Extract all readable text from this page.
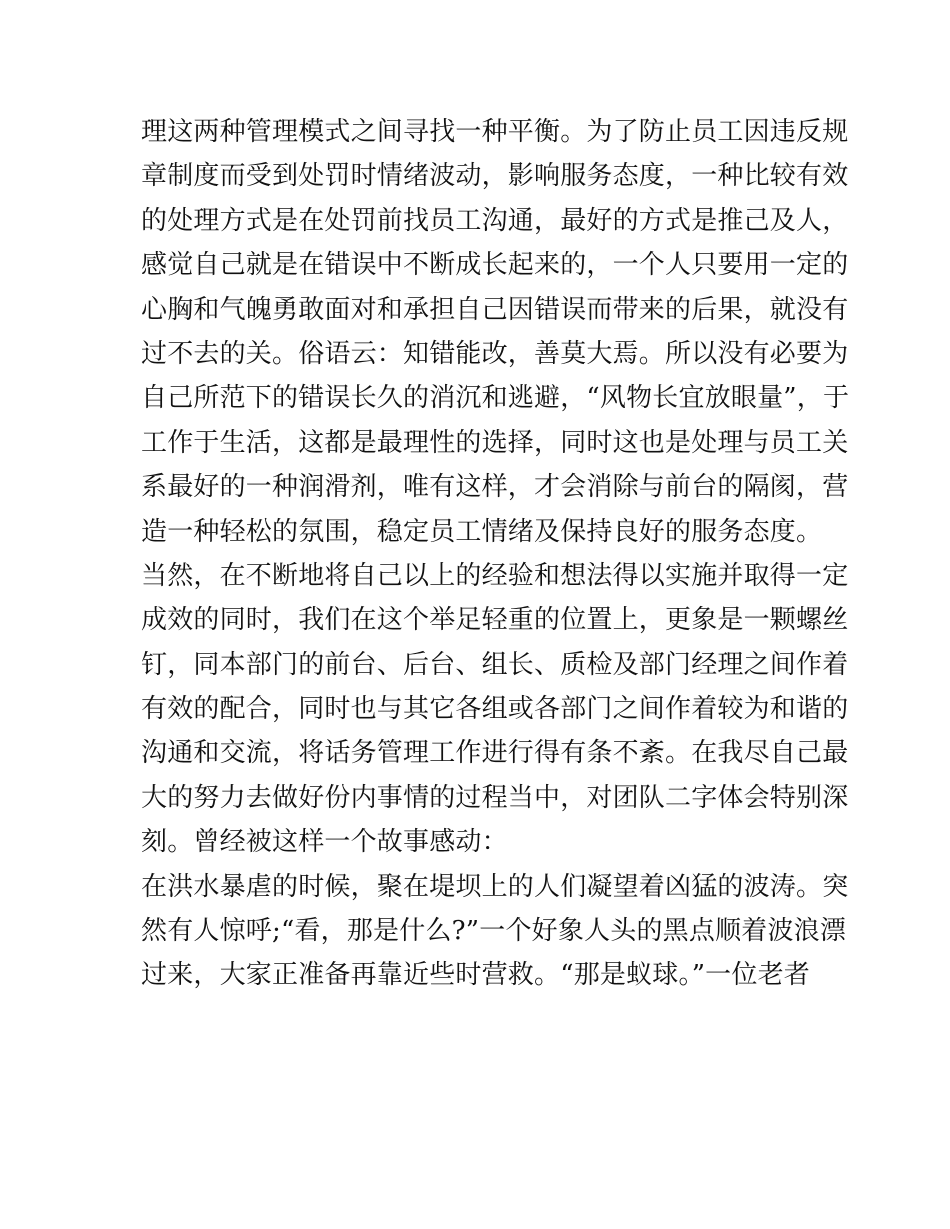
理这两种管理模式之间寻找一种平衡。为了防止员工因违反规
章制度而受到处罚时情绪波动，影响服务态度，一种比较有效
的处理方式是在处罚前找员工沟通，最好的方式是推己及人，
感觉自己就是在错误中不断成长起来的，一个人只要用一定的
心胸和气魄勇敢面对和承担自己因错误而带来的后果，就没有
过不去的关。俗语云：知错能改，善莫大焉。所以没有必要为
自己所范下的错误长久的消沉和逃避，“风物长宜放眼量”，于
工作于生活，这都是最理性的选择，同时这也是处理与员工关
系最好的一种润滑剂，唯有这样，才会消除与前台的隔阂，营
造一种轻松的氛围，稳定员工情绪及保持良好的服务态度。
当然，在不断地将自己以上的经验和想法得以实施并取得一定
成效的同时，我们在这个举足轻重的位置上，更象是一颗螺丝
钉，同本部门的前台、后台、组长、质检及部门经理之间作着
有效的配合，同时也与其它各组或各部门之间作着较为和谐的
沟通和交流，将话务管理工作进行得有条不紊。在我尽自己最
大的努力去做好份内事情的过程当中，对团队二字体会特别深
刻。曾经被这样一个故事感动：
在洪水暴虐的时候，聚在堤坝上的人们凝望着凶猛的波涛。突
然有人惊呼;“看，那是什么?”一个好象人头的黑点顺着波浪漂
过来，大家正准备再靠近些时营救。“那是蚁球。”一位老者
